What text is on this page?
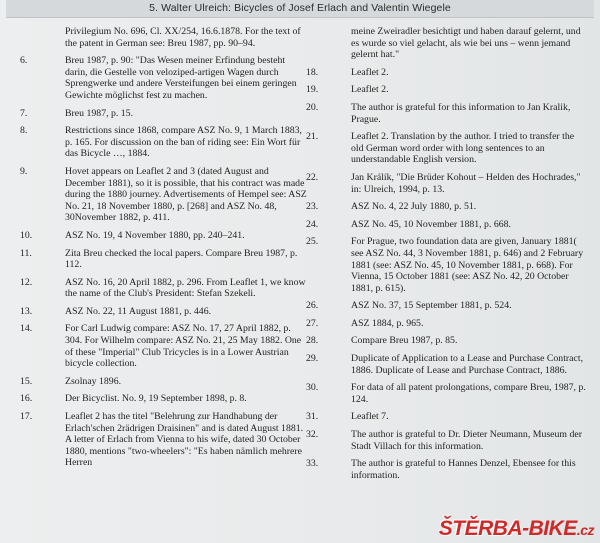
5. Walter Ulreich: Bicycles of Josef Erlach and Valentin Wiegele

Privilegium No. 696, Cl. XX/254, 16.6.1878. For the text of the patent in German see: Breu 1987, pp. 90–94.
6.	Breu 1987, p. 90: "Das Wesen meiner Erfindung besteht darin, die Gestelle von veloziped-artigen Wagen durch Sprengwerke und andere Versteifungen bei einem geringen Gewichte möglichst fest zu machen.
7.	Breu 1987, p. 15.
8.	Restrictions since 1868, compare ASZ No. 9, 1 March 1883, p. 165. For discussion on the ban of riding see: Ein Wort für das Bicycle …, 1884.
9.	Hovet appears on Leaflet 2 and 3 (dated August and December 1881), so it is possible, that his contract was made during the 1880 journey. Advertisements of Hempel see: ASZ No. 21, 18 November 1880, p. [268] and ASZ No. 48, 30November 1882, p. 411.
10.	ASZ No. 19, 4 November 1880, pp. 240–241.
11.	Zita Breu checked the local papers. Compare Breu 1987, p. 112.
12.	ASZ No. 16, 20 April 1882, p. 296. From Leaflet 1, we know the name of the Club's President: Stefan Szekeli.
13.	ASZ No. 22, 11 August 1881, p. 446.
14.	For Carl Ludwig compare: ASZ No. 17, 27 April 1882, p. 304. For Wilhelm compare: ASZ No. 21, 25 May 1882. One of these "Imperial" Club Tricycles is in a Lower Austrian bicycle collection.
15.	Zsolnay 1896.
16.	Der Bicyclist. No. 9, 19 September 1898, p. 8.
17.	Leaflet 2 has the titel "Belehrung zur Handhabung der Erlach'schen 2rädrigen Draisinen" and is dated August 1881. A letter of Erlach from Vienna to his wife, dated 30 October 1880, mentions "two-wheelers": "Es haben nämlich mehrere Herren
meine Zweiradler besichtigt und haben darauf gelernt, und es wurde so viel gelacht, als wie bei uns – wenn jemand gelernt hat."
18.	Leaflet 2.
19.	Leaflet 2.
20.	The author is grateful for this information to Jan Kralik, Prague.
21.	Leaflet 2. Translation by the author. I tried to transfer the old German word order with long sentences to an understandable English version.
22.	Jan Králík, "Die Brüder Kohout – Helden des Hochrades," in: Ulreich, 1994, p. 13.
23.	ASZ No. 4, 22 July 1880, p. 51.
24.	ASZ No. 45, 10 November 1881, p. 668.
25.	For Prague, two foundation data are given, January 1881( see ASZ No. 44, 3 November 1881, p. 646) and 2 February 1881 (see: ASZ No. 45, 10 November 1881, p. 668). For Vienna, 15 October 1881 (see: ASZ No. 42, 20 October 1881, p. 615).
26.	ASZ No. 37, 15 September 1881, p. 524.
27.	ASZ 1884, p. 965.
28.	Compare Breu 1987, p. 85.
29.	Duplicate of Application to a Lease and Purchase Contract, 1886. Duplicate of Lease and Purchase Contract, 1886.
30.	For data of all patent prolongations, compare Breu, 1987, p. 124.
31.	Leaflet 7.
32.	The author is grateful to Dr. Dieter Neumann, Museum der Stadt Villach for this information.
33.	The author is grateful to Hannes Denzel, Ebensee for this information.
ŠTĚRBA-BIKE.cz
